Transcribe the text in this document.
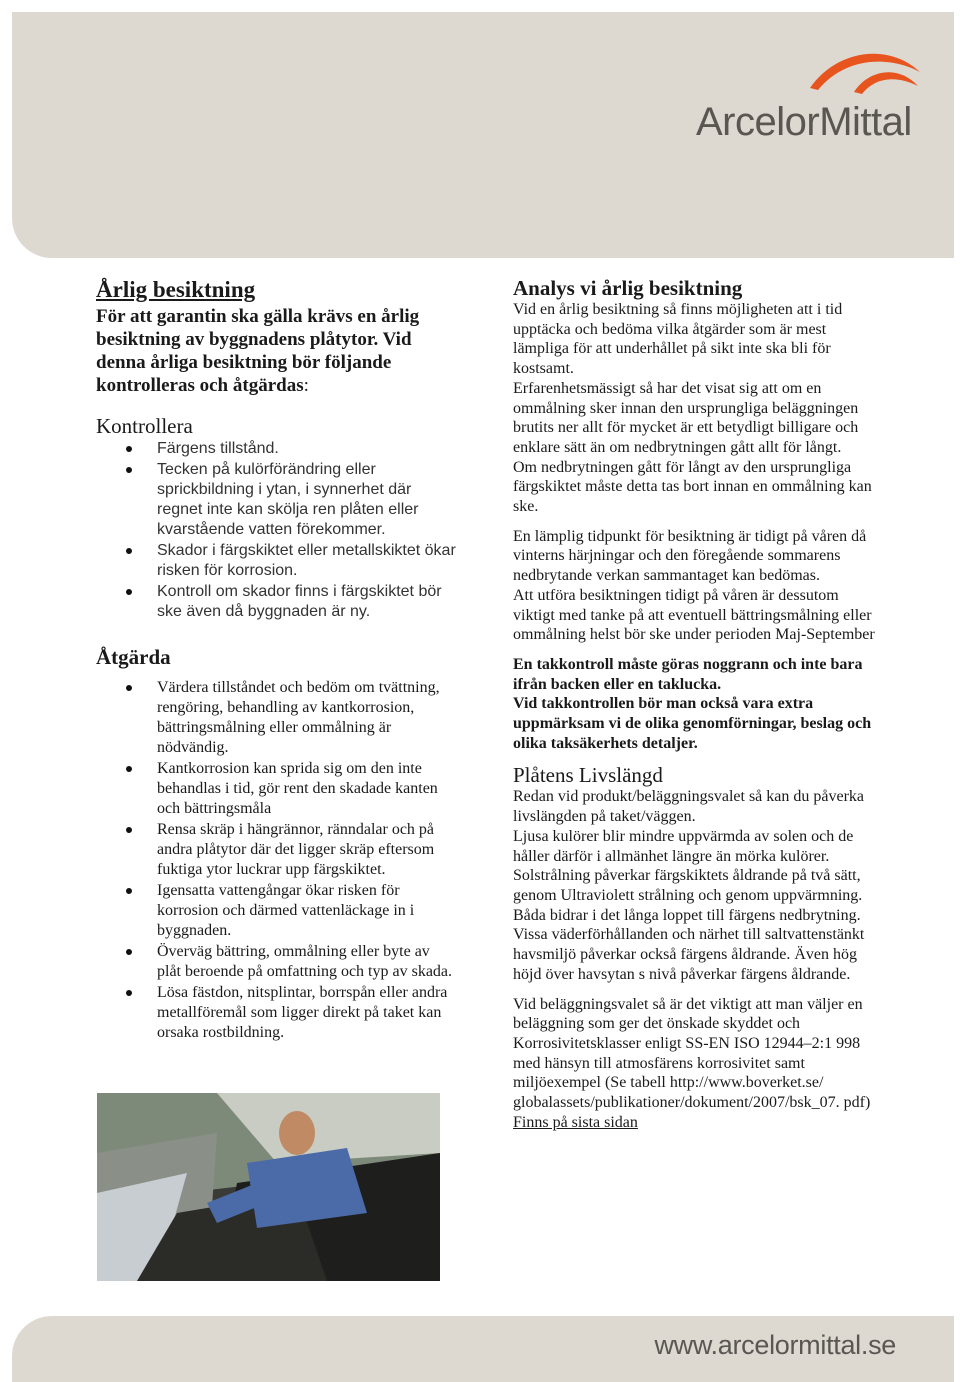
ArcelorMittal
Årlig besiktning
För att garantin ska gälla krävs en årlig besiktning av byggnadens plåtytor. Vid denna årliga besiktning bör följande kontrolleras och åtgärdas:
Kontrollera
Färgens tillstånd.
Tecken på kulörförändring eller sprickbildning i ytan, i synnerhet där regnet inte kan skölja ren plåten eller kvarstående vatten förekommer.
Skador i färgskiktet eller metallskiktet ökar risken för korrosion.
Kontroll om skador finns i färgskiktet bör ske även då byggnaden är ny.
Åtgärda
Värdera tillståndet och bedöm om tvättning, rengöring, behandling av kantkorrosion, bättringsmålning eller ommålning är nödvändig.
Kantkorrosion kan sprida sig om den inte behandlas i tid, gör rent den skadade kanten och bättringsmåla
Rensa skräp i hängrännor, ränndalar och på andra plåtytor där det ligger skräp eftersom fuktiga ytor luckrar upp färgskiktet.
Igensatta vattengångar ökar risken för korrosion och därmed vattenläckage in i byggnaden.
Överväg bättring, ommålning eller byte av plåt beroende på omfattning och typ av skada.
Lösa fästdon, nitsplintar, borrspån eller andra metallföremål som ligger direkt på taket kan orsaka rostbildning.
Analys vi årlig besiktning

Vid en årlig besiktning så finns möjligheten att i tid upptäcka och bedöma vilka åtgärder som är mest lämpliga för att underhållet på sikt inte ska bli för kostsamt.

Erfarenhetsmässigt så har det visat sig att om en ommålning sker innan den ursprungliga beläggningen brutits ner allt för mycket är ett betydligt billigare och enklare sätt än om nedbrytningen gått allt för långt.

Om nedbrytningen gått för långt av den ursprungliga färgskiktet måste detta tas bort innan en ommålning kan ske.

En lämplig tidpunkt för besiktning är tidigt på våren då vinterns härjningar och den föregående sommarens nedbrytande verkan sammantaget kan bedömas.

Att utföra besiktningen tidigt på våren är dessutom viktigt med tanke på att eventuell bättringsmålning eller ommålning helst bör ske under perioden Maj-September

En takkontroll måste göras noggrann och inte bara ifrån backen eller en taklucka.

Vid takkontrollen bör man också vara extra uppmärksam vi de olika genomförningar, beslag och olika taksäkerhets detaljer.

Plåtens Livslängd

Redan vid produkt/beläggningsvalet så kan du påverka livslängden på taket/väggen.

Ljusa kulörer blir mindre uppvärmda av solen och de håller därför i allmänhet längre än mörka kulörer. Solstrålning påverkar färgskiktets åldrande på två sätt, genom Ultraviolett strålning och genom uppvärmning. Båda bidrar i det långa loppet till färgens nedbrytning.

Vissa väderförhållanden och närhet till saltvattenstänkt havsmiljö påverkar också färgens åldrande. Även hög höjd över havsytan s nivå påverkar färgens åldrande.

Vid beläggningsvalet så är det viktigt att man väljer en beläggning som ger det önskade skyddet och Korrosivitetsklasser enligt SS-EN ISO 12944–2:1 998 med hänsyn till atmosfärens korrosivitet samt miljöexempel (Se tabell http://www.boverket.se/ globalassets/publikationer/dokument/2007/bsk_07. pdf) Finns på sista sidan

www.arcelormittal.se
